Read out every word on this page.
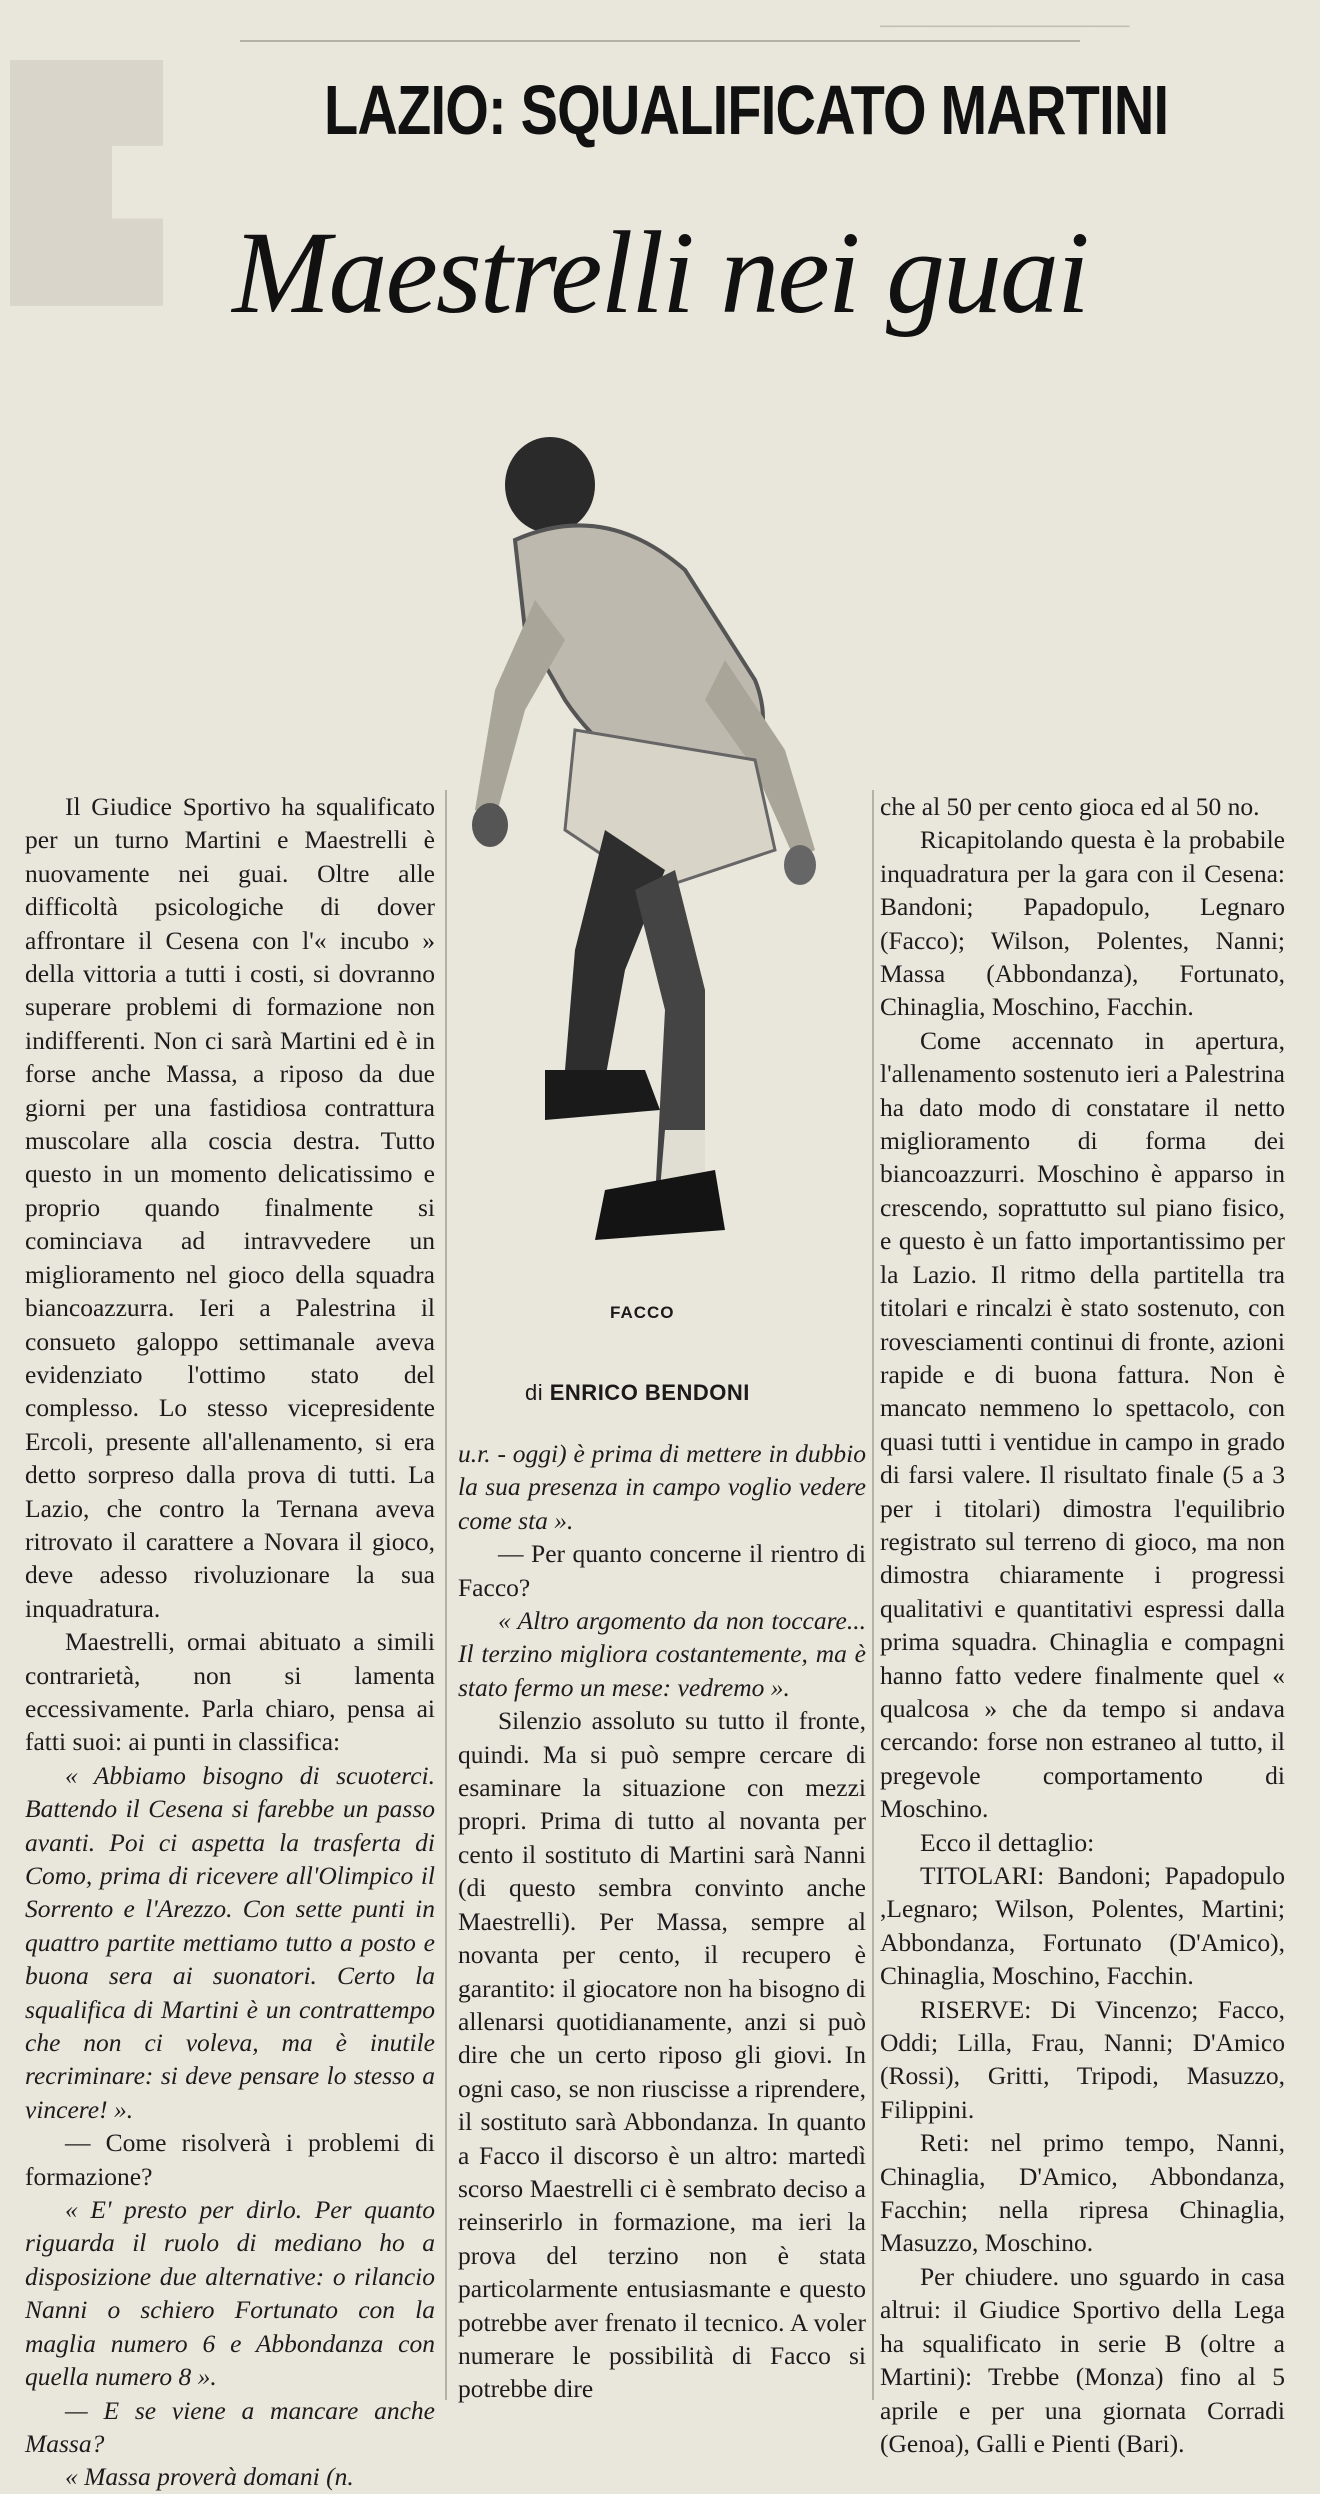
███

██

███

────────────────

LAZIO: SQUALIFICATO MARTINI
Maestrelli nei guai
FACCO
di ENRICO BENDONI

Il Giudice Sportivo ha squalificato per un turno Martini e Maestrelli è nuovamente nei guai. Oltre alle difficoltà psicologiche di dover affrontare il Cesena con l'« incubo » della vittoria a tutti i costi, si dovranno superare problemi di formazione non indifferenti. Non ci sarà Martini ed è in forse anche Massa, a riposo da due giorni per una fastidiosa contrattura muscolare alla coscia destra. Tutto questo in un momento delicatissimo e proprio quando finalmente si cominciava ad intravvedere un miglioramento nel gioco della squadra biancoazzurra. Ieri a Palestrina il consueto galoppo settimanale aveva evidenziato l'ottimo stato del complesso. Lo stesso vicepresidente Ercoli, presente all'allenamento, si era detto sorpreso dalla prova di tutti. La Lazio, che contro la Ternana aveva ritrovato il carattere a Novara il gioco, deve adesso rivoluzionare la sua inquadratura.

Maestrelli, ormai abituato a simili contrarietà, non si lamenta eccessivamente. Parla chiaro, pensa ai fatti suoi: ai punti in classifica:

« Abbiamo bisogno di scuoterci. Battendo il Cesena si farebbe un passo avanti. Poi ci aspetta la trasferta di Como, prima di ricevere all'Olimpico il Sorrento e l'Arezzo. Con sette punti in quattro partite mettiamo tutto a posto e buona sera ai suonatori. Certo la squalifica di Martini è un contrattempo che non ci voleva, ma è inutile recriminare: si deve pensare lo stesso a vincere! ».

— Come risolverà i problemi di formazione?

« E' presto per dirlo. Per quanto riguarda il ruolo di mediano ho a disposizione due alternative: o rilancio Nanni o schiero Fortunato con la maglia numero 6 e Abbondanza con quella numero 8 ».

— E se viene a mancare anche Massa?

« Massa proverà domani (n.

u.r. - oggi) è prima di mettere in dubbio la sua presenza in campo voglio vedere come sta ».

— Per quanto concerne il rientro di Facco?

« Altro argomento da non toccare... Il terzino migliora costantemente, ma è stato fermo un mese: vedremo ».

Silenzio assoluto su tutto il fronte, quindi. Ma si può sempre cercare di esaminare la situazione con mezzi propri. Prima di tutto al novanta per cento il sostituto di Martini sarà Nanni (di questo sembra convinto anche Maestrelli). Per Massa, sempre al novanta per cento, il recupero è garantito: il giocatore non ha bisogno di allenarsi quotidianamente, anzi si può dire che un certo riposo gli giovi. In ogni caso, se non riuscisse a riprendere, il sostituto sarà Abbondanza. In quanto a Facco il discorso è un altro: martedì scorso Maestrelli ci è sembrato deciso a reinserirlo in formazione, ma ieri la prova del terzino non è stata particolarmente entusiasmante e questo potrebbe aver frenato il tecnico. A voler numerare le possibilità di Facco si potrebbe dire

che al 50 per cento gioca ed al 50 no.

Ricapitolando questa è la probabile inquadratura per la gara con il Cesena: Bandoni; Papadopulo, Legnaro (Facco); Wilson, Polentes, Nanni; Massa (Abbondanza), Fortunato, Chinaglia, Moschino, Facchin.

Come accennato in apertura, l'allenamento sostenuto ieri a Palestrina ha dato modo di constatare il netto miglioramento di forma dei biancoazzurri. Moschino è apparso in crescendo, soprattutto sul piano fisico, e questo è un fatto importantissimo per la Lazio. Il ritmo della partitella tra titolari e rincalzi è stato sostenuto, con rovesciamenti continui di fronte, azioni rapide e di buona fattura. Non è mancato nemmeno lo spettacolo, con quasi tutti i ventidue in campo in grado di farsi valere. Il risultato finale (5 a 3 per i titolari) dimostra l'equilibrio registrato sul terreno di gioco, ma non dimostra chiaramente i progressi qualitativi e quantitativi espressi dalla prima squadra. Chinaglia e compagni hanno fatto vedere finalmente quel « qualcosa » che da tempo si andava cercando: forse non estraneo al tutto, il pregevole comportamento di Moschino.

Ecco il dettaglio:

TITOLARI: Bandoni; Papadopulo ,Legnaro; Wilson, Polentes, Martini; Abbondanza, Fortunato (D'Amico), Chinaglia, Moschino, Facchin.

RISERVE: Di Vincenzo; Facco, Oddi; Lilla, Frau, Nanni; D'Amico (Rossi), Gritti, Tripodi, Masuzzo, Filippini.

Reti: nel primo tempo, Nanni, Chinaglia, D'Amico, Abbondanza, Facchin; nella ripresa Chinaglia, Masuzzo, Moschino.

Per chiudere. uno sguardo in casa altrui: il Giudice Sportivo della Lega ha squalificato in serie B (oltre a Martini): Trebbe (Monza) fino al 5 aprile e per una giornata Corradi (Genoa), Galli e Pienti (Bari).
